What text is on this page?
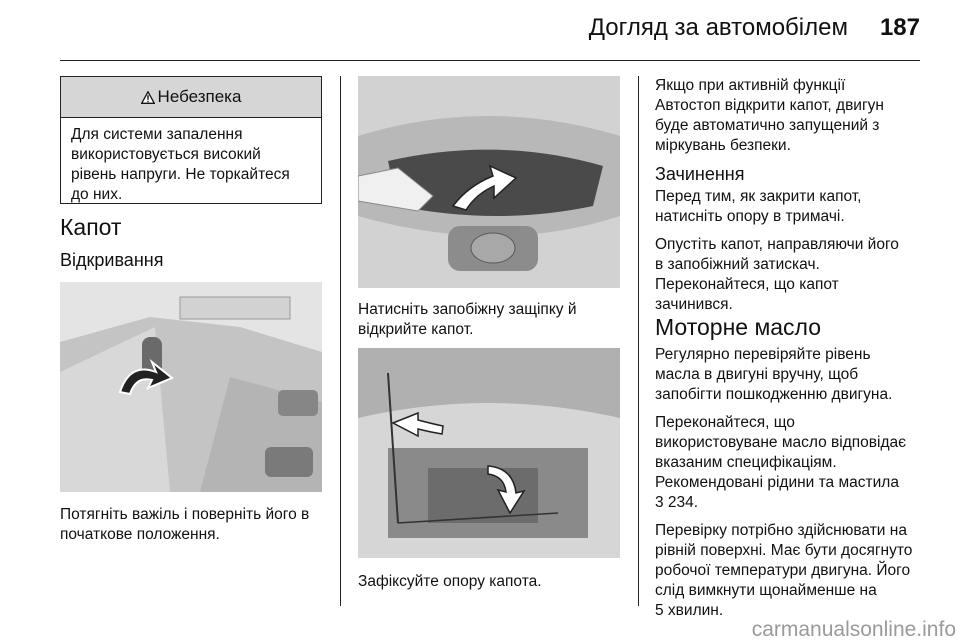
Догляд за автомобілем 187
Небезпека
Для системи запалення
використовується високий
рівень напруги. Не торкайтеся
до них.
Капот
Відкривання
Потягніть важіль і поверніть його в
початкове положення.
Натисніть запобіжну защіпку й
відкрийте капот.
Зафіксуйте опору капота.
Якщо при активній функції
Автостоп відкрити капот, двигун
буде автоматично запущений з
міркувань безпеки.
Зачинення

Перед тим, як закрити капот,
натисніть опору в тримачі.

Опустіть капот, направляючи його
в запобіжний затискач.
Переконайтеся, що капот
зачинився.

Моторне масло

Регулярно перевіряйте рівень
масла в двигуні вручну, щоб
запобігти пошкодженню двигуна.

Переконайтеся, що
використовуване масло відповідає
вказаним специфікаціям.
Рекомендовані рідини та мастила
3 234.

Перевірку потрібно здійснювати на
рівній поверхні. Має бути досягнуто
робочої температури двигуна. Його
слід вимкнути щонайменше на
5 хвилин.

carmanualsonline.info
